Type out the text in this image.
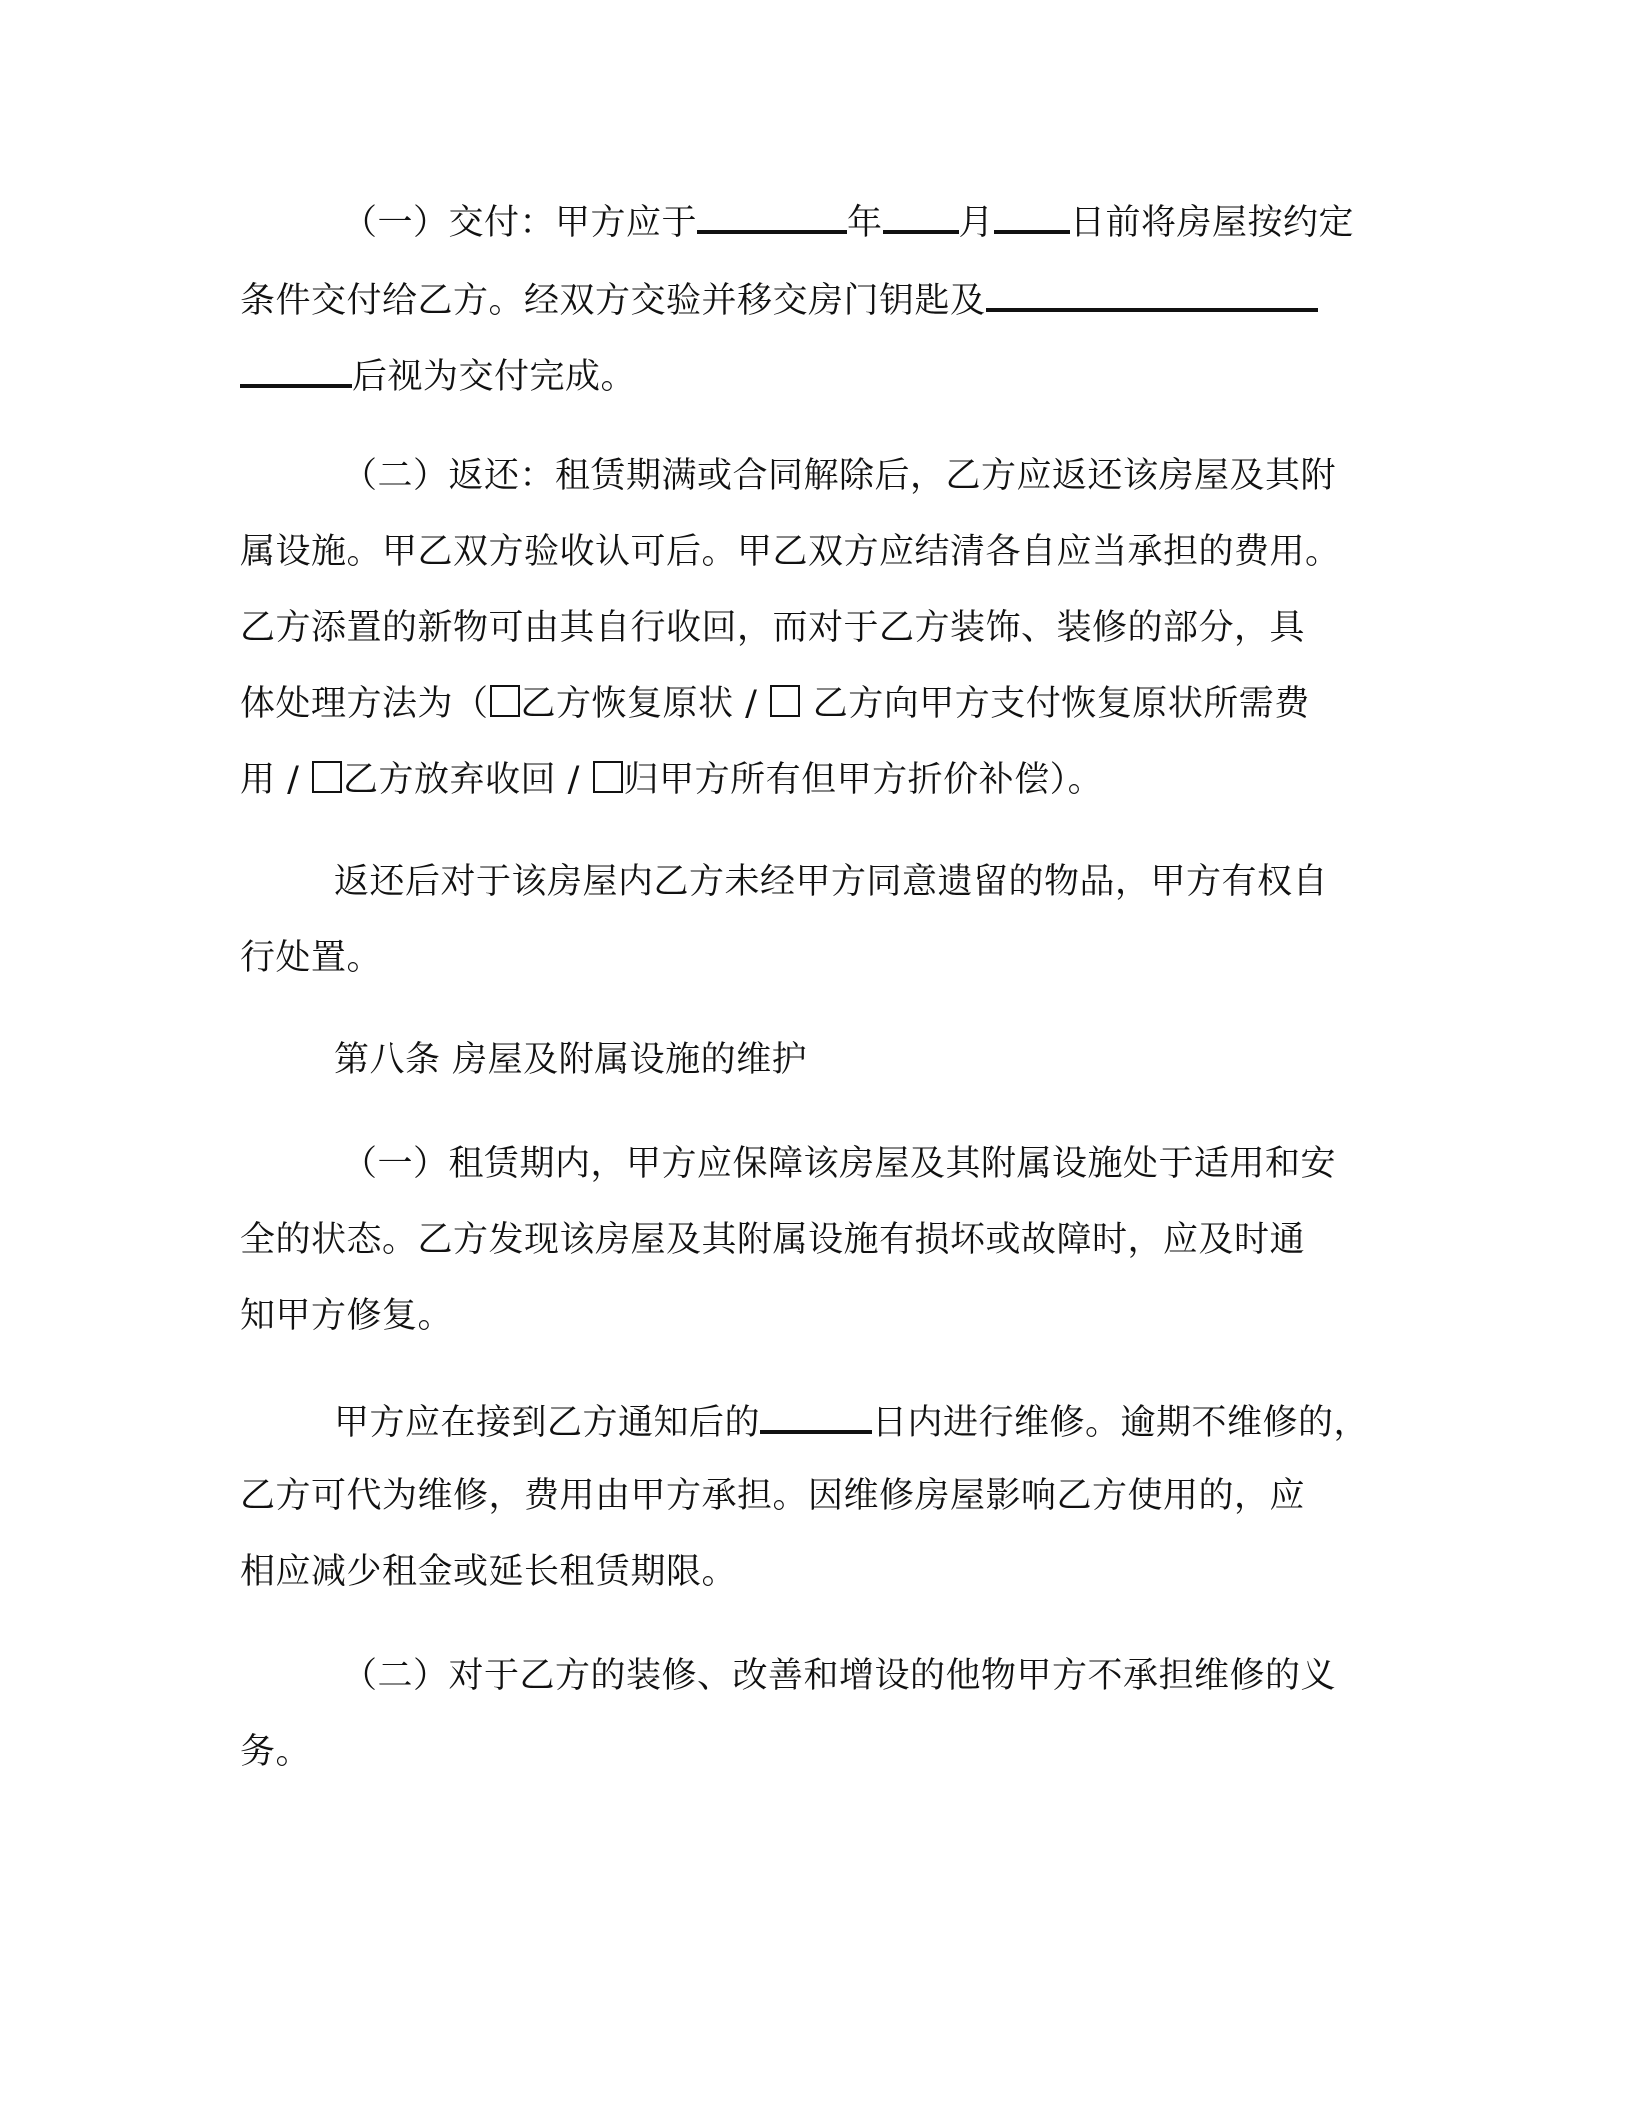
（一）交付：甲方应于	年 月 日前将房屋按约定
条件交付给乙方。经双方交验并移交房门钥匙及
后视为交付完成。
（二）返还：租赁期满或合同解除后，乙方应返还该房屋及其附
属设施。甲乙双方验收认可后。甲乙双方应结清各自应当承担的费用。
乙方添置的新物可由其自行收回，而对于乙方装饰、装修的部分，具
体处理方法为（ 乙方恢复原状 /  乙方向甲方支付恢复原状所需费
用 / 乙方放弃收回 / 归甲方所有但甲方折价补偿）。
返还后对于该房屋内乙方未经甲方同意遗留的物品，甲方有权自
行处置。
第八条 房屋及附属设施的维护
（一）租赁期内，甲方应保障该房屋及其附属设施处于适用和安
全的状态。乙方发现该房屋及其附属设施有损坏或故障时，应及时通
知甲方修复。
甲方应在接到乙方通知后的	日内进行维修。逾期不维修的，
乙方可代为维修，费用由甲方承担。因维修房屋影响乙方使用的，应
相应减少租金或延长租赁期限。
（二）对于乙方的装修、改善和增设的他物甲方不承担维修的义
务。
